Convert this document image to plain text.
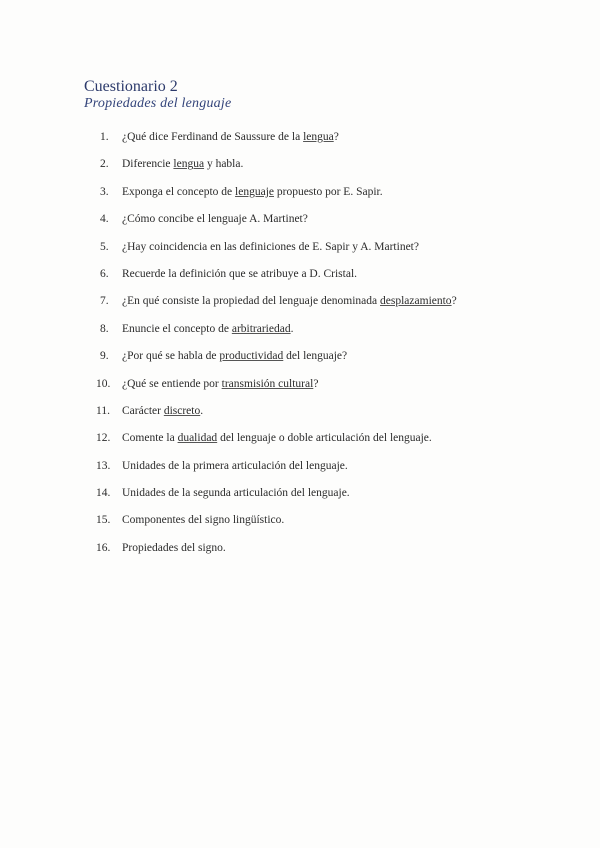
Cuestionario 2

Propiedades del lenguaje

1.	¿Qué dice Ferdinand de Saussure de la lengua?
2.	Diferencie lengua y habla.
3.	Exponga el concepto de lenguaje propuesto por E. Sapir.
4.	¿Cómo concibe el lenguaje A. Martinet?
5.	¿Hay coincidencia en las definiciones de E. Sapir y A. Martinet?
6.	Recuerde la definición que se atribuye a D. Cristal.
7.	¿En qué consiste la propiedad del lenguaje denominada desplazamiento?
8.	Enuncie el concepto de arbitrariedad.
9.	¿Por qué se habla de productividad del lenguaje?
10.	¿Qué se entiende por transmisión cultural?
11.	Carácter discreto.
12.	Comente la dualidad del lenguaje o doble articulación del lenguaje.
13.	Unidades de la primera articulación del lenguaje.
14.	Unidades de la segunda articulación del lenguaje.
15.	Componentes del signo lingüístico.
16.	Propiedades del signo.
